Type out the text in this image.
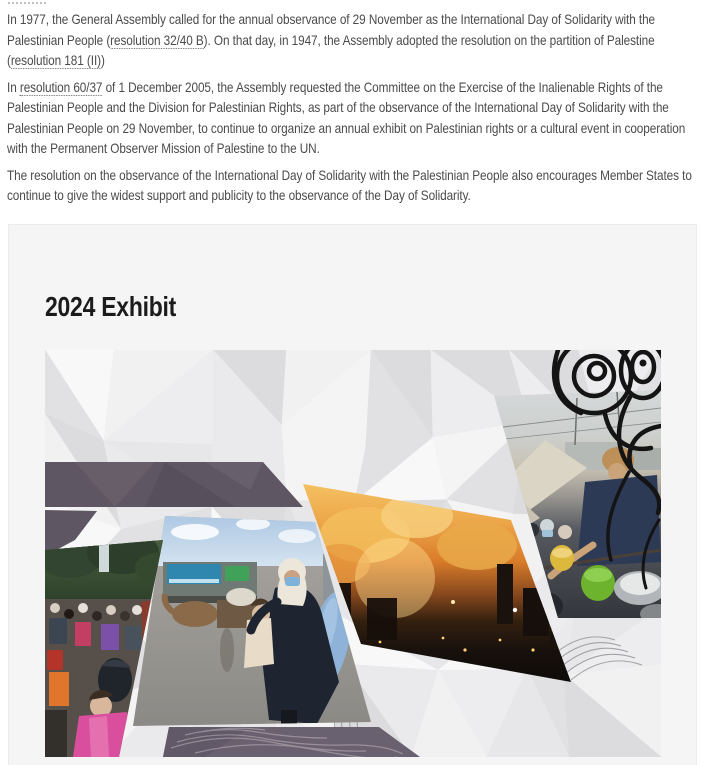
In 1977, the General Assembly called for the annual observance of 29 November as the International Day of Solidarity with the Palestinian People (resolution 32/40 B). On that day, in 1947, the Assembly adopted the resolution on the partition of Palestine (resolution 181 (II))

In resolution 60/37 of 1 December 2005, the Assembly requested the Committee on the Exercise of the Inalienable Rights of the Palestinian People and the Division for Palestinian Rights, as part of the observance of the International Day of Solidarity with the Palestinian People on 29 November, to continue to organize an annual exhibit on Palestinian rights or a cultural event in cooperation with the Permanent Observer Mission of Palestine to the UN.

The resolution on the observance of the International Day of Solidarity with the Palestinian People also encourages Member States to continue to give the widest support and publicity to the observance of the Day of Solidarity.

2024 Exhibit
